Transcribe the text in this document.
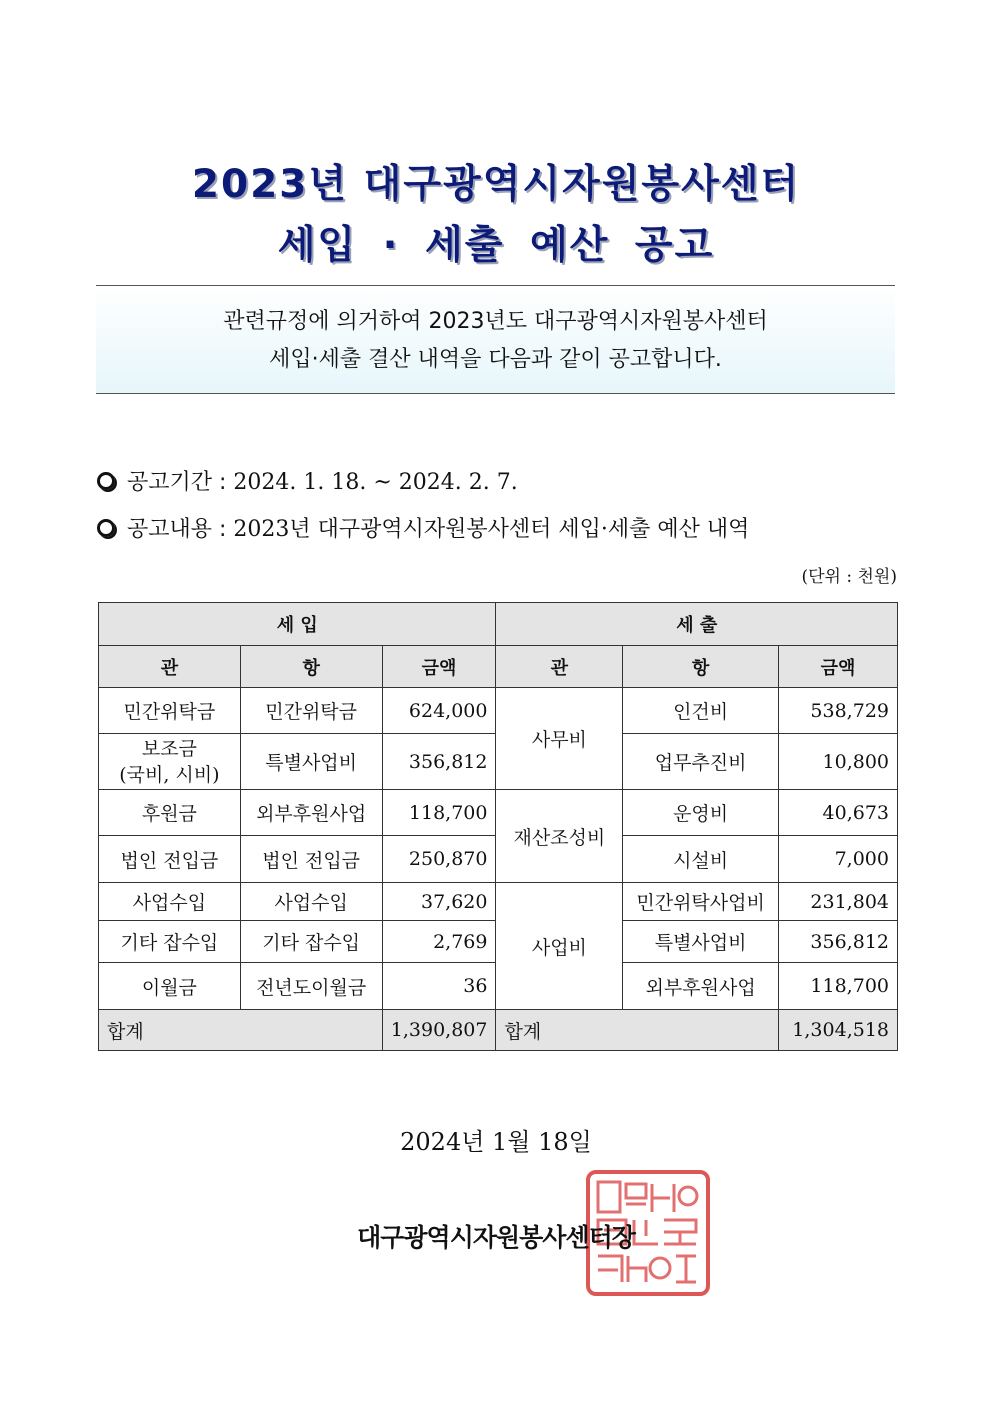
2023년 대구광역시자원봉사센터
세입 · 세출 예산 공고
관련규정에 의거하여 2023년도 대구광역시자원봉사센터
세입·세출 결산 내역을 다음과 같이 공고합니다.
공고기간 : 2024. 1. 18. ~ 2024. 2. 7.
공고내용 : 2023년 대구광역시자원봉사센터 세입·세출 예산 내역
(단위 : 천원)
세 입			세 출		
관	항	금액	관	항	금액
민간위탁금	민간위탁금	624,000	사무비	인건비	538,729
보조금
(국비, 시비)	특별사업비	356,812		업무추진비	10,800
후원금	외부후원사업	118,700	재산조성비	운영비	40,673
법인 전입금	법인 전입금	250,870		시설비	7,000
사업수입	사업수입	37,620	사업비	민간위탁사업비	231,804
기타 잡수입	기타 잡수입	2,769		특별사업비	356,812
이월금	전년도이월금	36		외부후원사업	118,700
합계		1,390,807	합계		1,304,518
2024년 1월 18일
대구광역시자원봉사센터장
